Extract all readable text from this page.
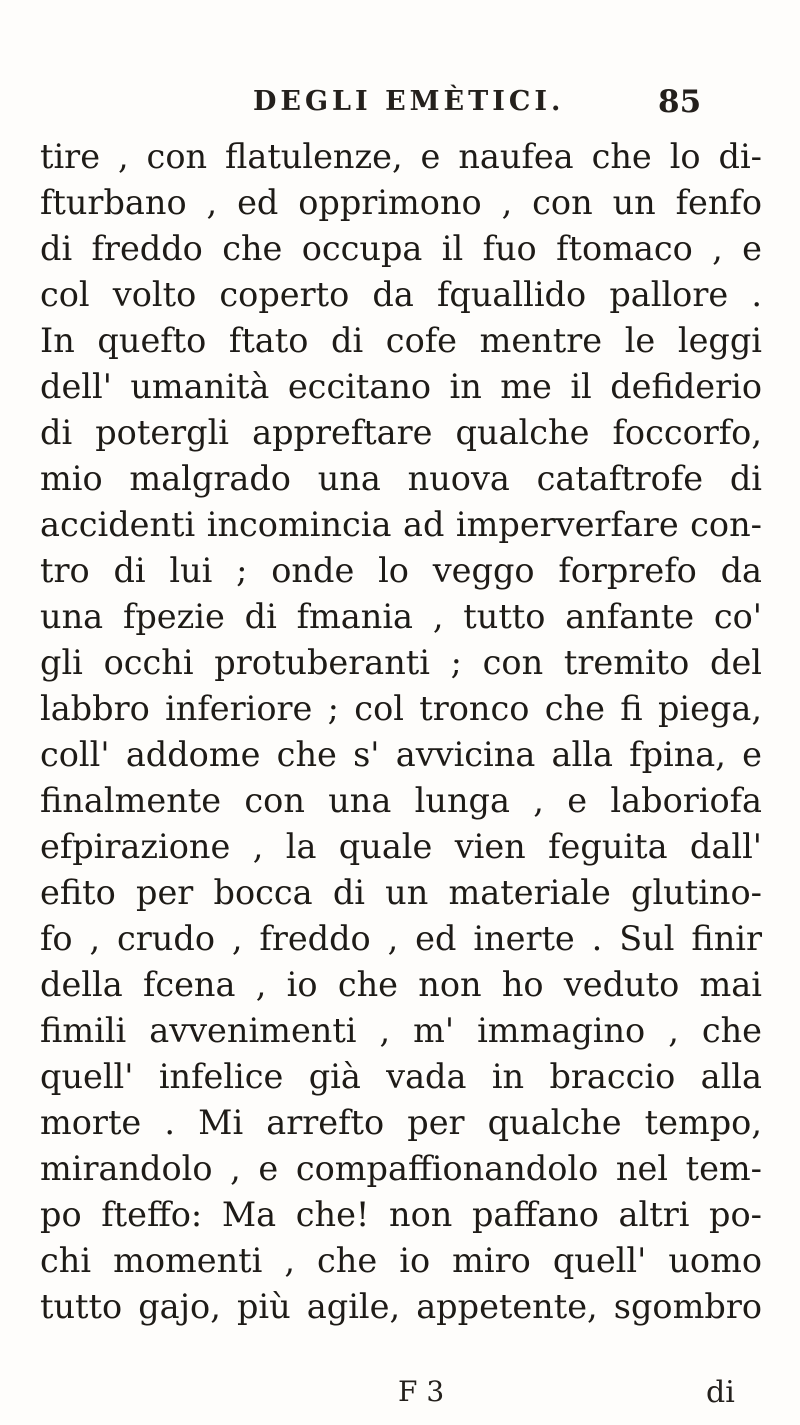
DEGLI EMÈTICI.	85
tire , con flatulenze, e naufea che lo di-
fturbano , ed opprimono , con un fenfo
di freddo che occupa il fuo ftomaco , e
col volto coperto da fquallido pallore .
In quefto ftato di cofe mentre le leggi
dell' umanità eccitano in me il defiderio
di potergli appreftare qualche foccorfo,
mio malgrado una nuova cataftrofe di
accidenti incomincia ad imperverfare con-
tro di lui ; onde lo veggo forprefo da
una fpezie di fmania , tutto anfante co'
gli occhi protuberanti ; con tremito del
labbro inferiore ; col tronco che fi piega,
coll' addome che s' avvicina alla fpina, e
finalmente con una lunga , e laboriofa
efpirazione , la quale vien feguita dall'
efito per bocca di un materiale glutino-
fo , crudo , freddo , ed inerte . Sul finir
della fcena , io che non ho veduto mai
fimili avvenimenti , m' immagino , che
quell' infelice già vada in braccio alla
morte . Mi arrefto per qualche tempo,
mirandolo , e compaffionandolo nel tem-
po fteffo: Ma che! non paffano altri po-
chi momenti , che io miro quell' uomo
tutto gajo, più agile, appetente, sgombro
F 3	di
